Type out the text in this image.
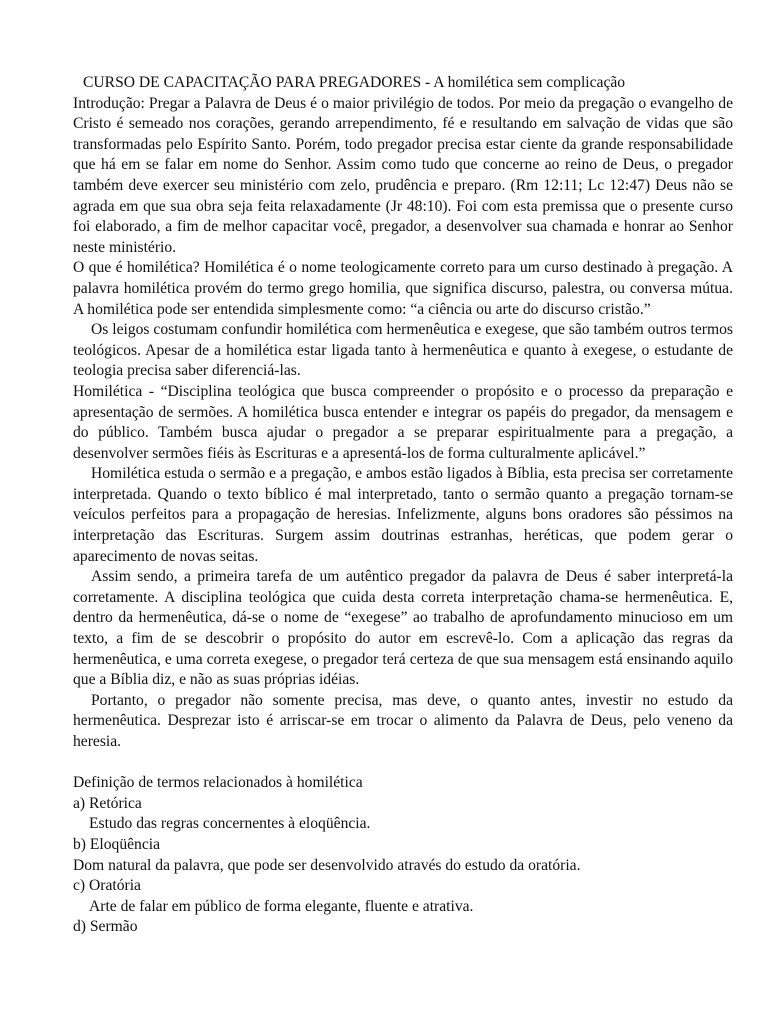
CURSO DE CAPACITAÇÃO PARA PREGADORES - A homilética sem complicação

Introdução: Pregar a Palavra de Deus é o maior privilégio de todos. Por meio da pregação o evangelho de Cristo é semeado nos corações, gerando arrependimento, fé e resultando em salvação de vidas que são transformadas pelo Espírito Santo. Porém, todo pregador precisa estar ciente da grande responsabilidade que há em se falar em nome do Senhor. Assim como tudo que concerne ao reino de Deus, o pregador também deve exercer seu ministério com zelo, prudência e preparo. (Rm 12:11; Lc 12:47) Deus não se agrada em que sua obra seja feita relaxadamente (Jr 48:10). Foi com esta premissa que o presente curso foi elaborado, a fim de melhor capacitar você, pregador, a desenvolver sua chamada e honrar ao Senhor neste ministério.

O que é homilética? Homilética é o nome teologicamente correto para um curso destinado à pregação. A palavra homilética provém do termo grego homilia, que significa discurso, palestra, ou conversa mútua. A homilética pode ser entendida simplesmente como: “a ciência ou arte do discurso cristão.”

Os leigos costumam confundir homilética com hermenêutica e exegese, que são também outros termos teológicos. Apesar de a homilética estar ligada tanto à hermenêutica e quanto à exegese, o estudante de teologia precisa saber diferenciá-las.

Homilética - “Disciplina teológica que busca compreender o propósito e o processo da preparação e apresentação de sermões. A homilética busca entender e integrar os papéis do pregador, da mensagem e do público. Também busca ajudar o pregador a se preparar espiritualmente para a pregação, a desenvolver sermões fiéis às Escrituras e a apresentá-los de forma culturalmente aplicável.”

Homilética estuda o sermão e a pregação, e ambos estão ligados à Bíblia, esta precisa ser corretamente interpretada. Quando o texto bíblico é mal interpretado, tanto o sermão quanto a pregação tornam-se veículos perfeitos para a propagação de heresias. Infelizmente, alguns bons oradores são péssimos na interpretação das Escrituras. Surgem assim doutrinas estranhas, heréticas, que podem gerar o aparecimento de novas seitas.

Assim sendo, a primeira tarefa de um autêntico pregador da palavra de Deus é saber interpretá-la corretamente. A disciplina teológica que cuida desta correta interpretação chama-se hermenêutica. E, dentro da hermenêutica, dá-se o nome de “exegese” ao trabalho de aprofundamento minucioso em um texto, a fim de se descobrir o propósito do autor em escrevê-lo. Com a aplicação das regras da hermenêutica, e uma correta exegese, o pregador terá certeza de que sua mensagem está ensinando aquilo que a Bíblia diz, e não as suas próprias idéias.

Portanto, o pregador não somente precisa, mas deve, o quanto antes, investir no estudo da hermenêutica. Desprezar isto é arriscar-se em trocar o alimento da Palavra de Deus, pelo veneno da heresia.

Definição de termos relacionados à homilética

a) Retórica

Estudo das regras concernentes à eloqüência.

b) Eloqüência

Dom natural da palavra, que pode ser desenvolvido através do estudo da oratória.

c) Oratória

Arte de falar em público de forma elegante, fluente e atrativa.

d) Sermão
